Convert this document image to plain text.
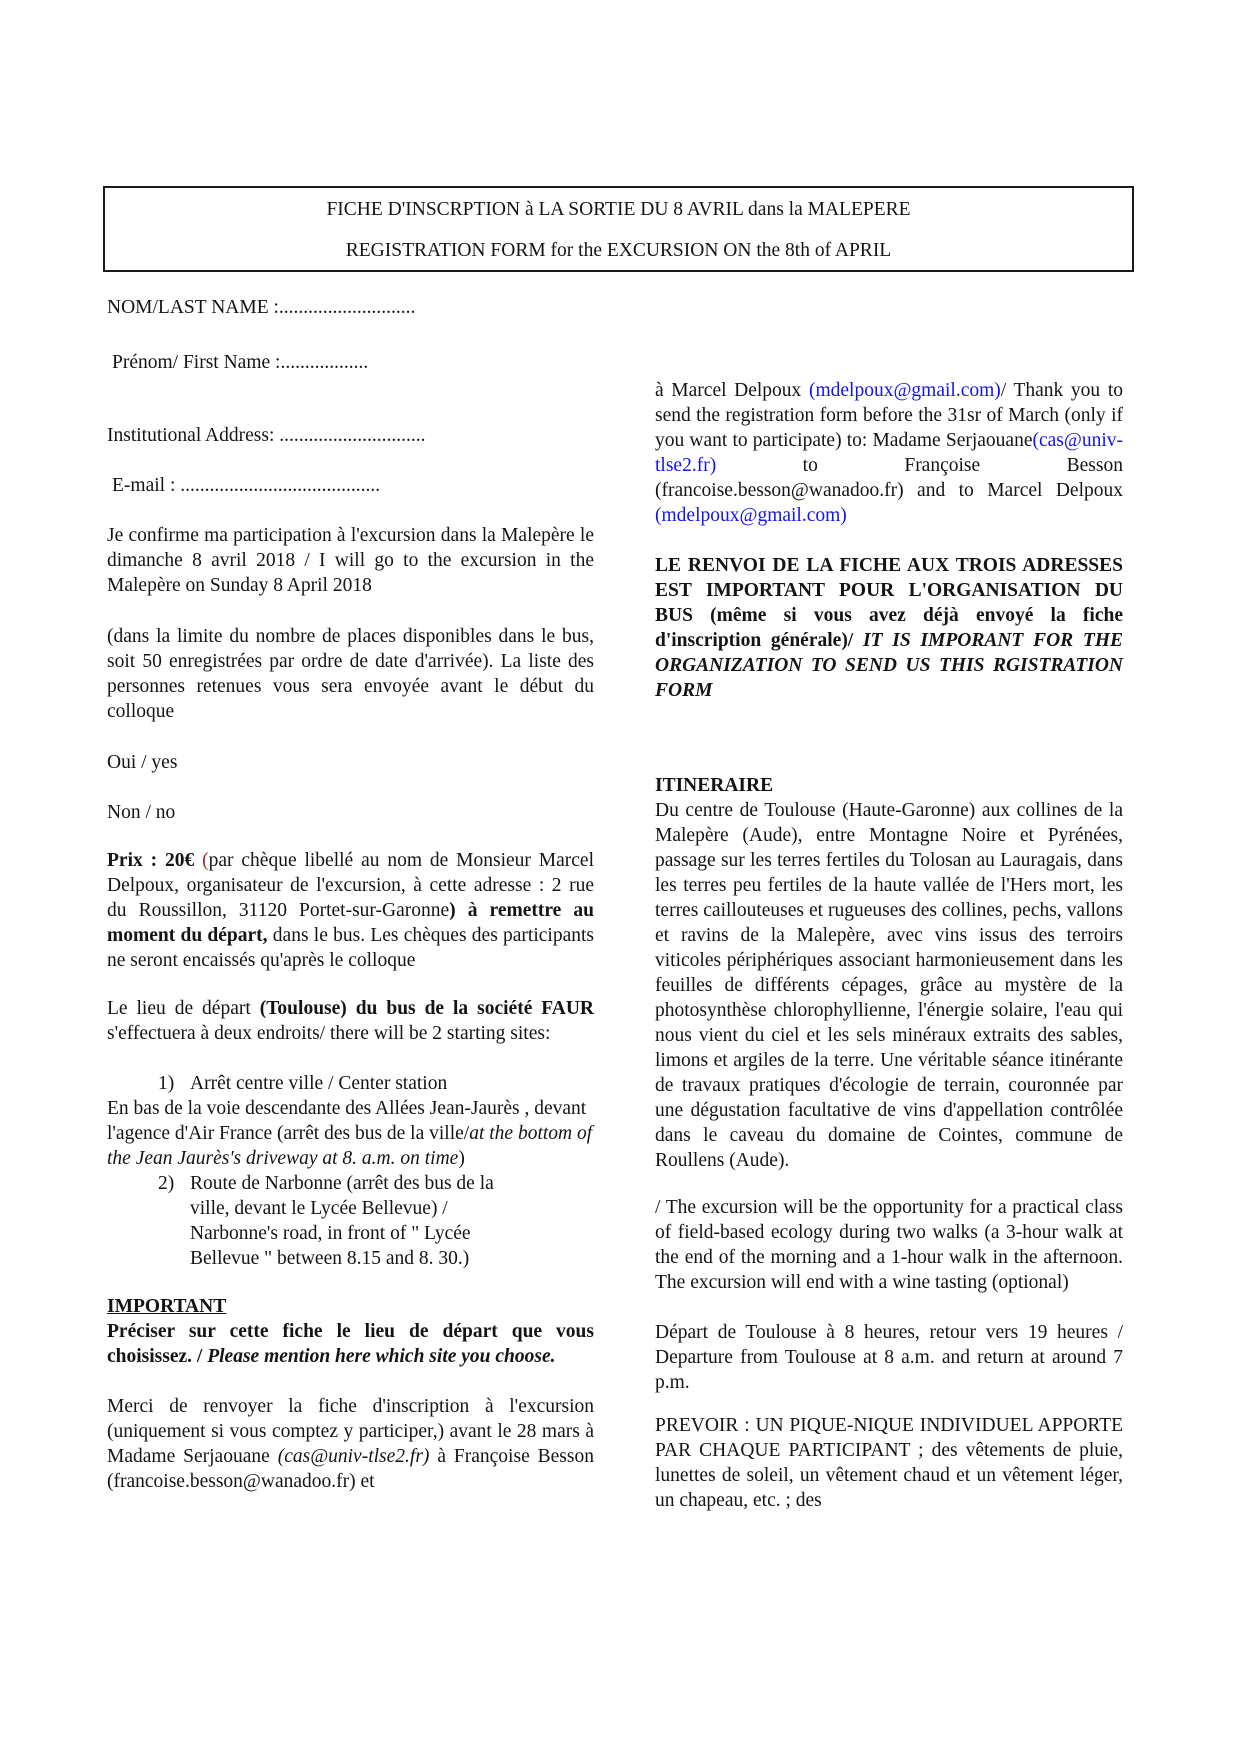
FICHE D'INSCRPTION à LA SORTIE DU 8 AVRIL dans la MALEPERE
REGISTRATION FORM for the EXCURSION ON the 8th of APRIL
NOM/LAST NAME :............................
Prénom/ First Name :..................
Institutional Address: ..............................
E-mail : .........................................
Je confirme ma participation à l'excursion dans la Malepère le dimanche 8 avril 2018 / I will go to the excursion in the Malepère on Sunday 8 April 2018
(dans la limite du nombre de places disponibles dans le bus, soit 50 enregistrées par ordre de date d'arrivée). La liste des personnes retenues vous sera envoyée avant le début du colloque
Oui / yes
Non / no
Prix : 20€ (par chèque libellé au nom de Monsieur Marcel Delpoux, organisateur de l'excursion, à cette adresse : 2 rue du Roussillon, 31120 Portet-sur-Garonne) à remettre au moment du départ, dans le bus. Les chèques des participants ne seront encaissés qu'après le colloque
Le lieu de départ (Toulouse) du bus de la société FAUR s'effectuera à deux endroits/ there will be 2 starting sites:
1) Arrêt centre ville / Center station
En bas de la voie descendante des Allées Jean-Jaurès , devant l'agence d'Air France (arrêt des bus de la ville/at the bottom of the Jean Jaurès's driveway at 8. a.m. on time)
2) Route de Narbonne (arrêt des bus de la ville, devant le Lycée Bellevue) / Narbonne's road, in front of " Lycée Bellevue " between 8.15 and 8. 30.)
IMPORTANT
Préciser sur cette fiche le lieu de départ que vous choisissez. / Please mention here which site you choose.
Merci de renvoyer la fiche d'inscription à l'excursion (uniquement si vous comptez y participer,) avant le 28 mars à Madame Serjaouane (cas@univ-tlse2.fr) à Françoise Besson (francoise.besson@wanadoo.fr) et
à Marcel Delpoux (mdelpoux@gmail.com)/ Thank you to send the registration form before the 31sr of March (only if you want to participate) to: Madame Serjaouane(cas@univ-tlse2.fr) to Françoise Besson (francoise.besson@wanadoo.fr) and to Marcel Delpoux (mdelpoux@gmail.com)
LE RENVOI DE LA FICHE AUX TROIS ADRESSES EST IMPORTANT POUR L'ORGANISATION DU BUS (même si vous avez déjà envoyé la fiche d'inscription générale)/ IT IS IMPORANT FOR THE ORGANIZATION TO SEND US THIS RGISTRATION FORM
ITINERAIRE
Du centre de Toulouse (Haute-Garonne) aux collines de la Malepère (Aude), entre Montagne Noire et Pyrénées, passage sur les terres fertiles du Tolosan au Lauragais, dans les terres peu fertiles de la haute vallée de l'Hers mort, les terres caillouteuses et rugueuses des collines, pechs, vallons et ravins de la Malepère, avec vins issus des terroirs viticoles périphériques associant harmonieusement dans les feuilles de différents cépages, grâce au mystère de la photosynthèse chlorophyllienne, l'énergie solaire, l'eau qui nous vient du ciel et les sels minéraux extraits des sables, limons et argiles de la terre. Une véritable séance itinérante de travaux pratiques d'écologie de terrain, couronnée par une dégustation facultative de vins d'appellation contrôlée dans le caveau du domaine de Cointes, commune de Roullens (Aude).
/ The excursion will be the opportunity for a practical class of field-based ecology during two walks (a 3-hour walk at the end of the morning and a 1-hour walk in the afternoon. The excursion will end with a wine tasting (optional)
Départ de Toulouse à 8 heures, retour vers 19 heures / Departure from Toulouse at 8 a.m. and return at around 7 p.m.
PREVOIR : UN PIQUE-NIQUE INDIVIDUEL APPORTE PAR CHAQUE PARTICIPANT ; des vêtements de pluie, lunettes de soleil, un vêtement chaud et un vêtement léger, un chapeau, etc. ; des
